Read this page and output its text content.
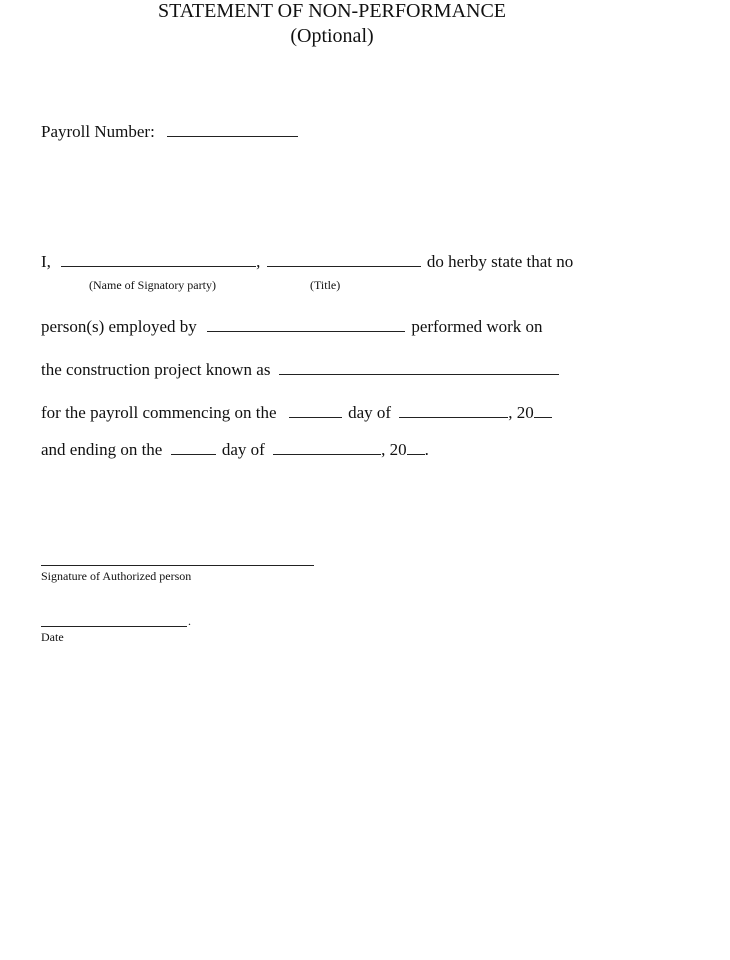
STATEMENT OF NON-PERFORMANCE
(Optional)
Payroll Number:
I,	,	do herby state that no
(Name of Signatory party)	(Title)
person(s) employed by	performed work on
the construction project known as
for the payroll commencing on the	day of	, 20
and ending on the	day of	, 20 .
Signature of Authorized person
.
Date
